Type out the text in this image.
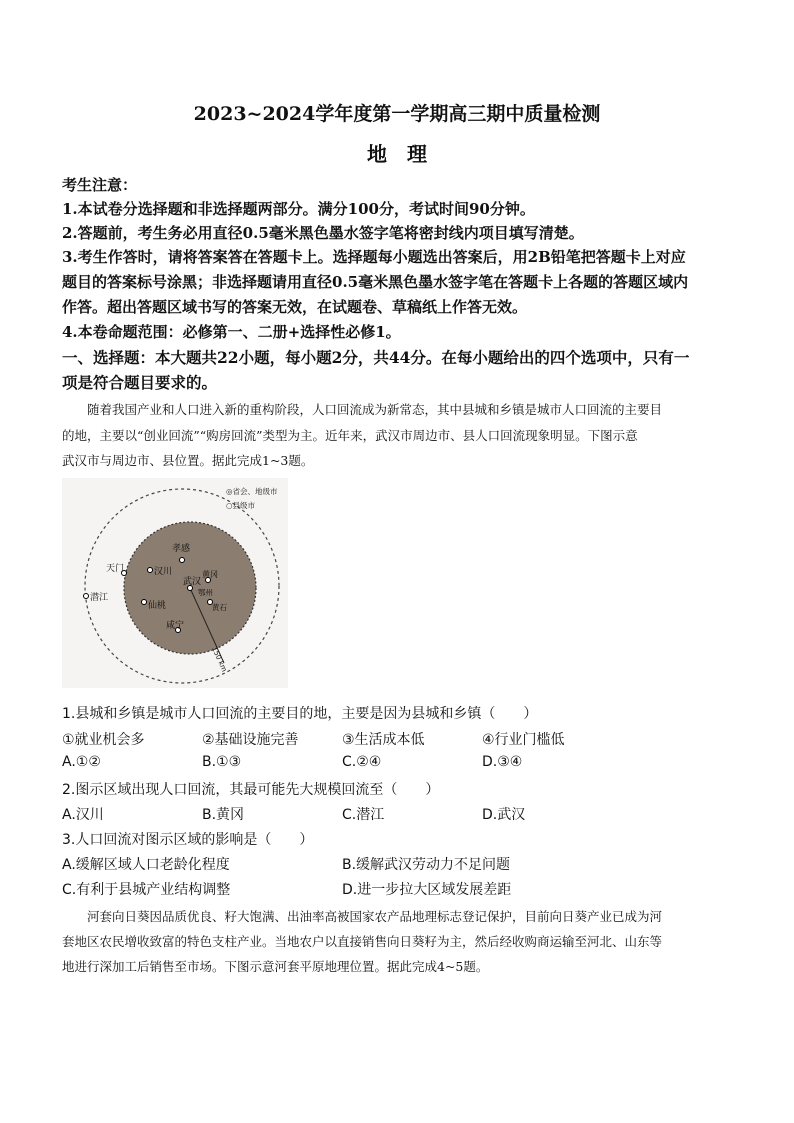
2023~2024学年度第一学期高三期中质量检测
地　理
考生注意：
1.本试卷分选择题和非选择题两部分。满分100分，考试时间90分钟。
2.答题前，考生务必用直径0.5毫米黑色墨水签字笔将密封线内项目填写清楚。
3.考生作答时，请将答案答在答题卡上。选择题每小题选出答案后，用2B铅笔把答题卡上对应
题目的答案标号涂黑；非选择题请用直径0.5毫米黑色墨水签字笔在答题卡上各题的答题区域内
作答。超出答题区域书写的答案无效，在试题卷、草稿纸上作答无效。
4.本卷命题范围：必修第一、二册+选择性必修1。
一、选择题：本大题共22小题，每小题2分，共44分。在每小题给出的四个选项中，只有一
项是符合题目要求的。
　　随着我国产业和人口进入新的重构阶段，人口回流成为新常态，其中县城和乡镇是城市人口回流的主要目
的地，主要以“创业回流”“购房回流”类型为主。近年来，武汉市周边市、县人口回流现象明显。下图示意
武汉市与周边市、县位置。据此完成1~3题。
◎省会、地级市
○县级市
孝感
汉川
天门
武汉
黄冈
鄂州
潜江
仙桃	黄石
咸宁
150 km
1.县城和乡镇是城市人口回流的主要目的地，主要是因为县城和乡镇（　　）
①就业机会多	②基础设施完善	③生活成本低	④行业门槛低
A.①②	B.①③	C.②④	D.③④
2.图示区域出现人口回流，其最可能先大规模回流至（　　）
A.汉川	B.黄冈	C.潜江	D.武汉
3.人口回流对图示区域的影响是（　　）
A.缓解区域人口老龄化程度	B.缓解武汉劳动力不足问题
C.有利于县城产业结构调整	D.进一步拉大区域发展差距
　　河套向日葵因品质优良、籽大饱满、出油率高被国家农产品地理标志登记保护，目前向日葵产业已成为河
套地区农民增收致富的特色支柱产业。当地农户以直接销售向日葵籽为主，然后经收购商运输至河北、山东等
地进行深加工后销售至市场。下图示意河套平原地理位置。据此完成4~5题。
